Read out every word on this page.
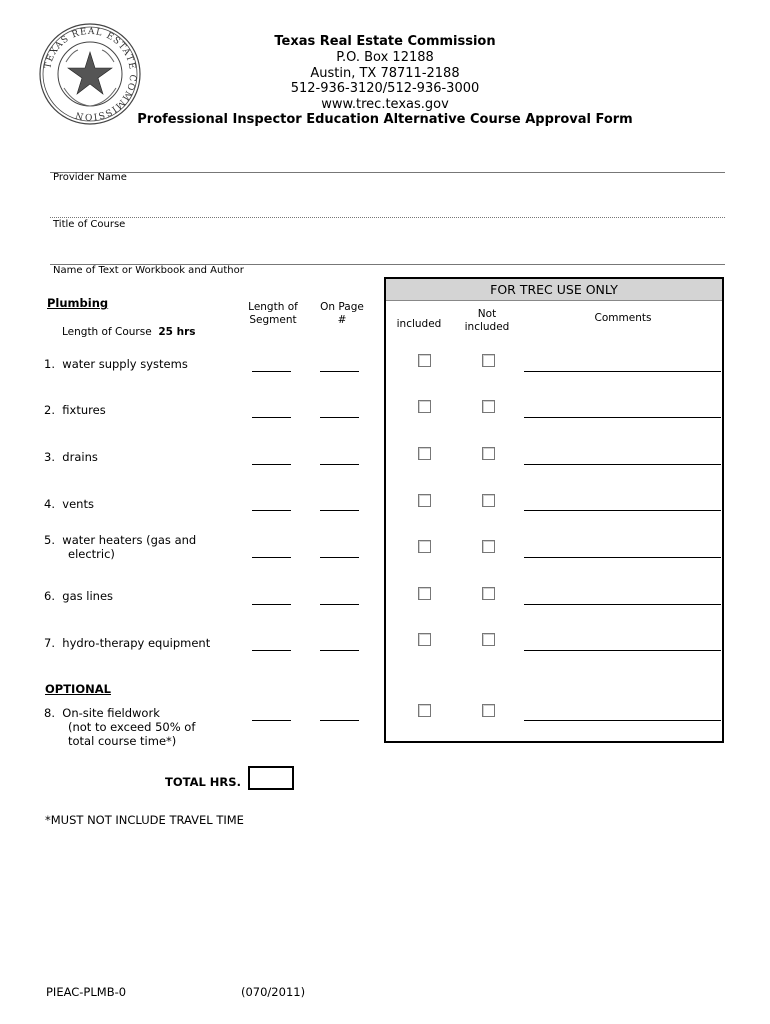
TEXAS REAL ESTATE COMMISSION
Texas Real Estate Commission
P.O. Box 12188
Austin, TX 78711-2188
512-936-3120/512-936-3000
www.trec.texas.gov
Professional Inspector Education Alternative Course Approval Form
Provider Name
Title of Course
Name of Text or Workbook and Author
FOR TREC USE ONLY
included
Not
included
Comments
Plumbing
Length of Course 25 hrs
Length of
Segment
On Page
#
1. water supply systems
2. fixtures
3. drains
4. vents
5. water heaters (gas and
electric)
6. gas lines
7. hydro-therapy equipment
OPTIONAL
8. On-site fieldwork
(not to exceed 50% of
total course time*)
TOTAL HRS.
*MUST NOT INCLUDE TRAVEL TIME
PIEAC-PLMB-0	(070/2011)
